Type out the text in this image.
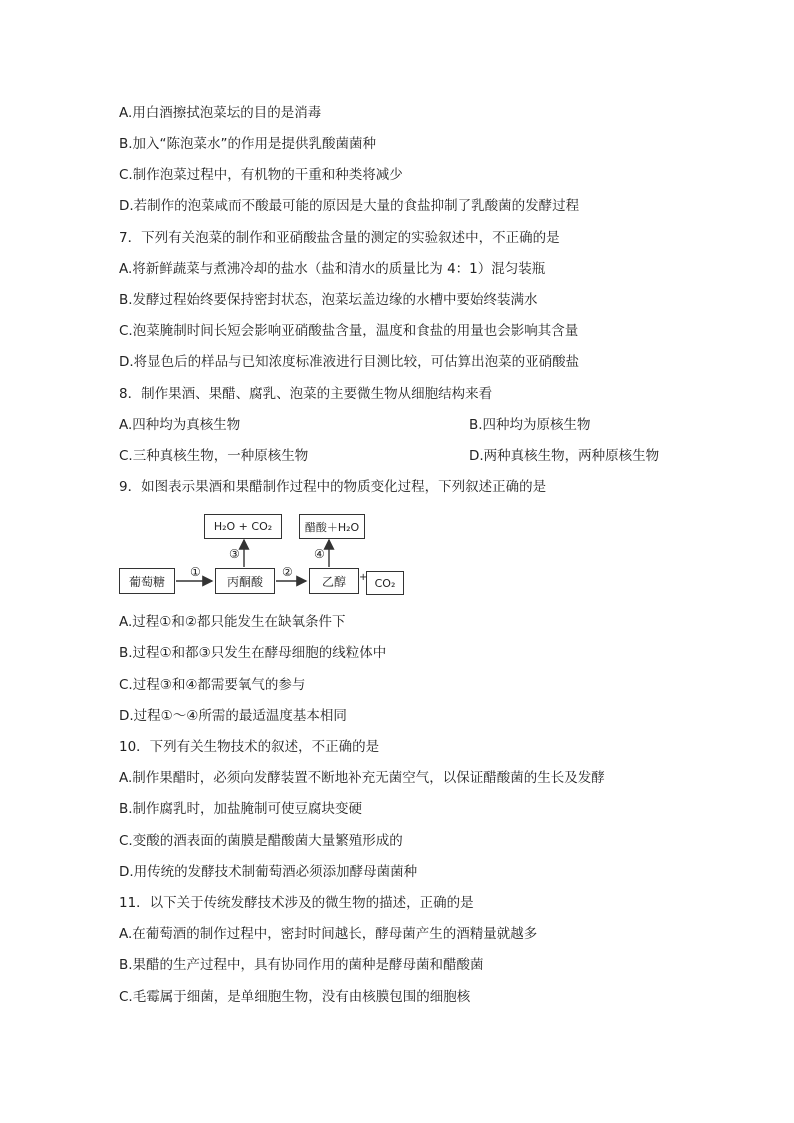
A.用白酒擦拭泡菜坛的目的是消毒
B.加入“陈泡菜水”的作用是提供乳酸菌菌种
C.制作泡菜过程中，有机物的干重和种类将减少
D.若制作的泡菜咸而不酸最可能的原因是大量的食盐抑制了乳酸菌的发酵过程
7．下列有关泡菜的制作和亚硝酸盐含量的测定的实验叙述中，不正确的是
A.将新鲜蔬菜与煮沸冷却的盐水（盐和清水的质量比为 4：1）混匀装瓶
B.发酵过程始终要保持密封状态，泡菜坛盖边缘的水槽中要始终装满水
C.泡菜腌制时间长短会影响亚硝酸盐含量，温度和食盐的用量也会影响其含量
D.将显色后的样品与已知浓度标准液进行目测比较，可估算出泡菜的亚硝酸盐
8．制作果酒、果醋、腐乳、泡菜的主要微生物从细胞结构来看
A.四种均为真核生物	B.四种均为原核生物
C.三种真核生物，一种原核生物	D.两种真核生物，两种原核生物
9．如图表示果酒和果醋制作过程中的物质变化过程，下列叙述正确的是
葡萄糖	丙酮酸	乙醇	CO₂
H₂O + CO₂	醋酸＋H₂O
+
①	②
③	④
A.过程①和②都只能发生在缺氧条件下
B.过程①和都③只发生在酵母细胞的线粒体中
C.过程③和④都需要氧气的参与
D.过程①～④所需的最适温度基本相同
10．下列有关生物技术的叙述，不正确的是
A.制作果醋时，必须向发酵装置不断地补充无菌空气，以保证醋酸菌的生长及发酵
B.制作腐乳时，加盐腌制可使豆腐块变硬
C.变酸的酒表面的菌膜是醋酸菌大量繁殖形成的
D.用传统的发酵技术制葡萄酒必须添加酵母菌菌种
11．以下关于传统发酵技术涉及的微生物的描述，正确的是
A.在葡萄酒的制作过程中，密封时间越长，酵母菌产生的酒精量就越多
B.果醋的生产过程中，具有协同作用的菌种是酵母菌和醋酸菌
C.毛霉属于细菌，是单细胞生物，没有由核膜包围的细胞核
